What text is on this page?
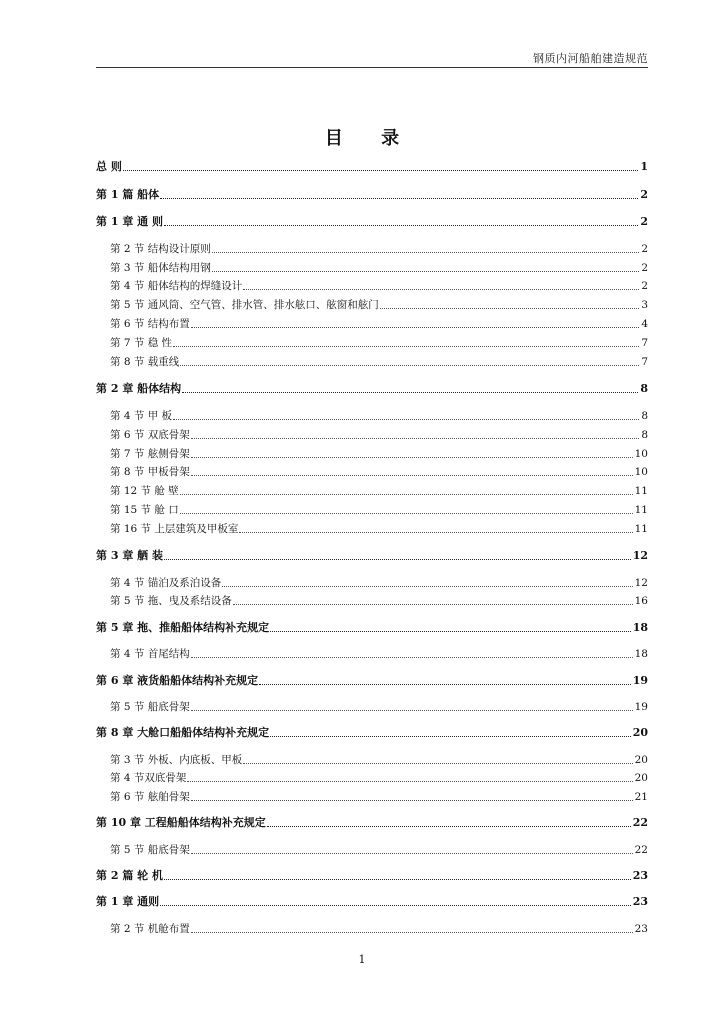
钢质内河船舶建造规范
目 录
总 则	1
第 1 篇 船体	2
第 1 章 通 则	2
第 2 节 结构设计原则	2
第 3 节 船体结构用钢	2
第 4 节 船体结构的焊缝设计	2
第 5 节 通风筒、空气管、排水管、排水舷口、舷窗和舷门	3
第 6 节 结构布置	4
第 7 节 稳 性	7
第 8 节 载重线	7
第 2 章 船体结构	8
第 4 节 甲 板	8
第 6 节 双底骨架	8
第 7 节 舷侧骨架	10
第 8 节 甲板骨架	10
第 12 节 舱 壁	11
第 15 节 舱 口	11
第 16 节 上层建筑及甲板室	11
第 3 章 舾 装	12
第 4 节 锚泊及系泊设备	12
第 5 节 拖、曳及系结设备	16
第 5 章 拖、推船船体结构补充规定	18
第 4 节 首尾结构	18
第 6 章 液货船船体结构补充规定	19
第 5 节 船底骨架	19
第 8 章 大舱口船船体结构补充规定	20
第 3 节 外板、内底板、甲板	20
第 4 节双底骨架	20
第 6 节 舷舶骨架	21
第 10 章 工程船船体结构补充规定	22
第 5 节 船底骨架	22
第 2 篇 轮 机	23
第 1 章 通则	23
第 2 节 机舱布置	23
1
